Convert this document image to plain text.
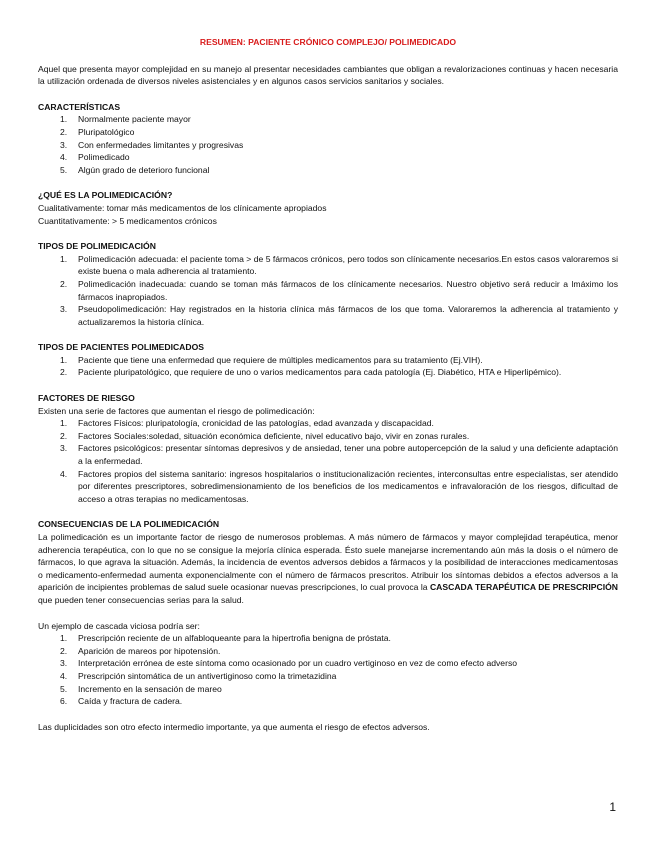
RESUMEN: PACIENTE CRÓNICO COMPLEJO/ POLIMEDICADO

Aquel que presenta mayor complejidad en su manejo al presentar necesidades cambiantes que obligan a revalorizaciones continuas y hacen necesaria la utilización ordenada de diversos niveles asistenciales y en algunos casos servicios sanitarios y sociales.

CARACTERÍSTICAS
1. Normalmente paciente mayor
2. Pluripatológico
3. Con enfermedades limitantes y progresivas
4. Polimedicado
5. Algún grado de deterioro funcional
¿QUÉ ES LA POLIMEDICACIÓN?
Cualitativamente: tomar más medicamentos de los clínicamente apropiados
Cuantitativamente: > 5 medicamentos crónicos
TIPOS DE POLIMEDICACIÓN
1. Polimedicación adecuada: el paciente toma > de 5 fármacos crónicos, pero todos son clínicamente necesarios.En estos casos valoraremos si existe buena o mala adherencia al tratamiento.
2. Polimedicación inadecuada: cuando se toman más fármacos de los clínicamente necesarios. Nuestro objetivo será reducir a lmáximo los fármacos inapropiados.
3. Pseudopolimedicación: Hay registrados en la historia clínica más fármacos de los que toma. Valoraremos la adherencia al tratamiento y actualizaremos la historia clínica.
TIPOS DE PACIENTES POLIMEDICADOS
1. Paciente que tiene una enfermedad que requiere de múltiples medicamentos para su tratamiento (Ej.VIH).
2. Paciente pluripatológico, que requiere de uno o varios medicamentos para cada patología (Ej. Diabético, HTA e Hiperlipémico).
FACTORES DE RIESGO
Existen una serie de factores que aumentan el riesgo de polimedicación:
1. Factores Físicos: pluripatología, cronicidad de las patologías, edad avanzada y discapacidad.
2. Factores Sociales:soledad, situación económica deficiente, nivel educativo bajo, vivir en zonas rurales.
3. Factores psicológicos: presentar síntomas depresivos y de ansiedad, tener una pobre autopercepción de la salud y una deficiente adaptación a la enfermedad.
4. Factores propios del sistema sanitario: ingresos hospitalarios o institucionalización recientes, interconsultas entre especialistas, ser atendido por diferentes prescriptores, sobredimensionamiento de los beneficios de los medicamentos e infravaloración de los riesgos, dificultad de acceso a otras terapias no medicamentosas.
CONSECUENCIAS DE LA POLIMEDICACIÓN

La polimedicación es un importante factor de riesgo de numerosos problemas. A más número de fármacos y mayor complejidad terapéutica, menor adherencia terapéutica, con lo que no se consigue la mejoría clínica esperada. Ésto suele manejarse incrementando aún más la dosis o el número de fármacos, lo que agrava la situación. Además, la incidencia de eventos adversos debidos a fármacos y la posibilidad de interacciones medicamentosas o medicamento-enfermedad aumenta exponencialmente con el número de fármacos prescritos. Atribuir los síntomas debidos a efectos adversos a la aparición de incipientes problemas de salud suele ocasionar nuevas prescripciones, lo cual provoca la CASCADA TERAPÉUTICA DE PRESCRIPCIÓN que pueden tener consecuencias serias para la salud.

Un ejemplo de cascada viciosa podría ser:
1. Prescripción reciente de un alfabloqueante para la hipertrofia benigna de próstata.
2. Aparición de mareos por hipotensión.
3. Interpretación errónea de este síntoma como ocasionado por un cuadro vertiginoso en vez de como efecto adverso
4. Prescripción sintomática de un antivertiginoso como la trimetazidina
5. Incremento en la sensación de mareo
6. Caída y fractura de cadera.

Las duplicidades son otro efecto intermedio importante, ya que aumenta el riesgo de efectos adversos.

1
